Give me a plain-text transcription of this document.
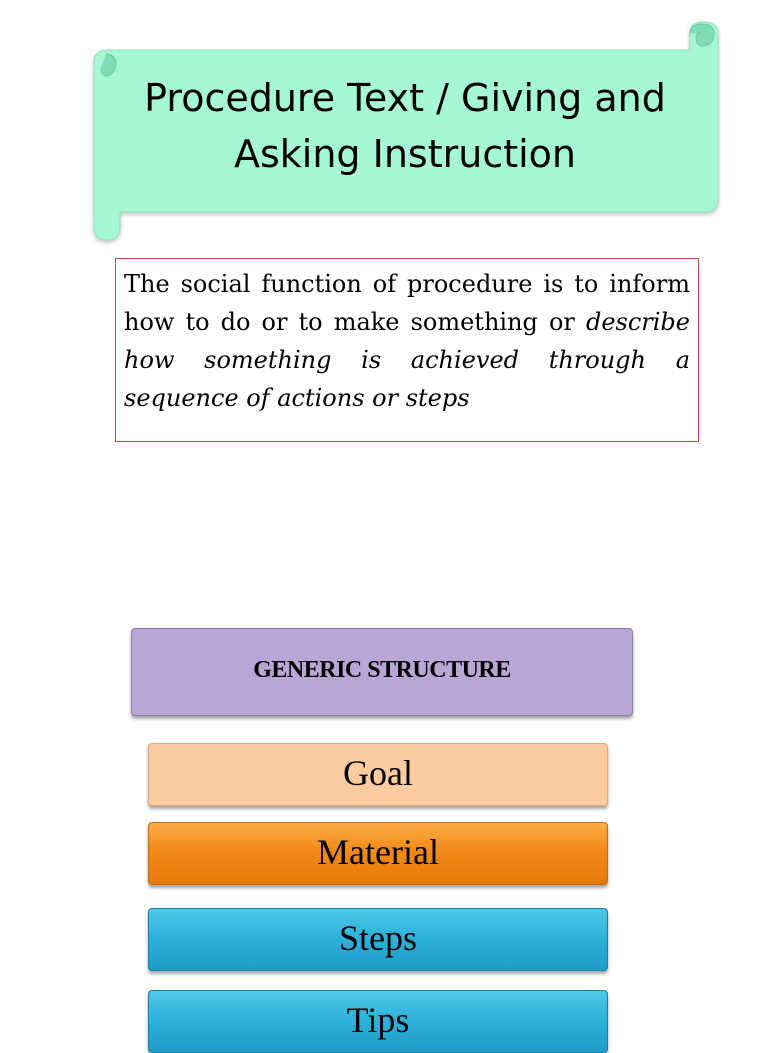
Procedure Text / Giving and
Asking Instruction
The social function of procedure is to inform how to do or to make something or describe how something is achieved through a sequence of actions or steps
GENERIC STRUCTURE
Goal
Material
Steps
Tips
